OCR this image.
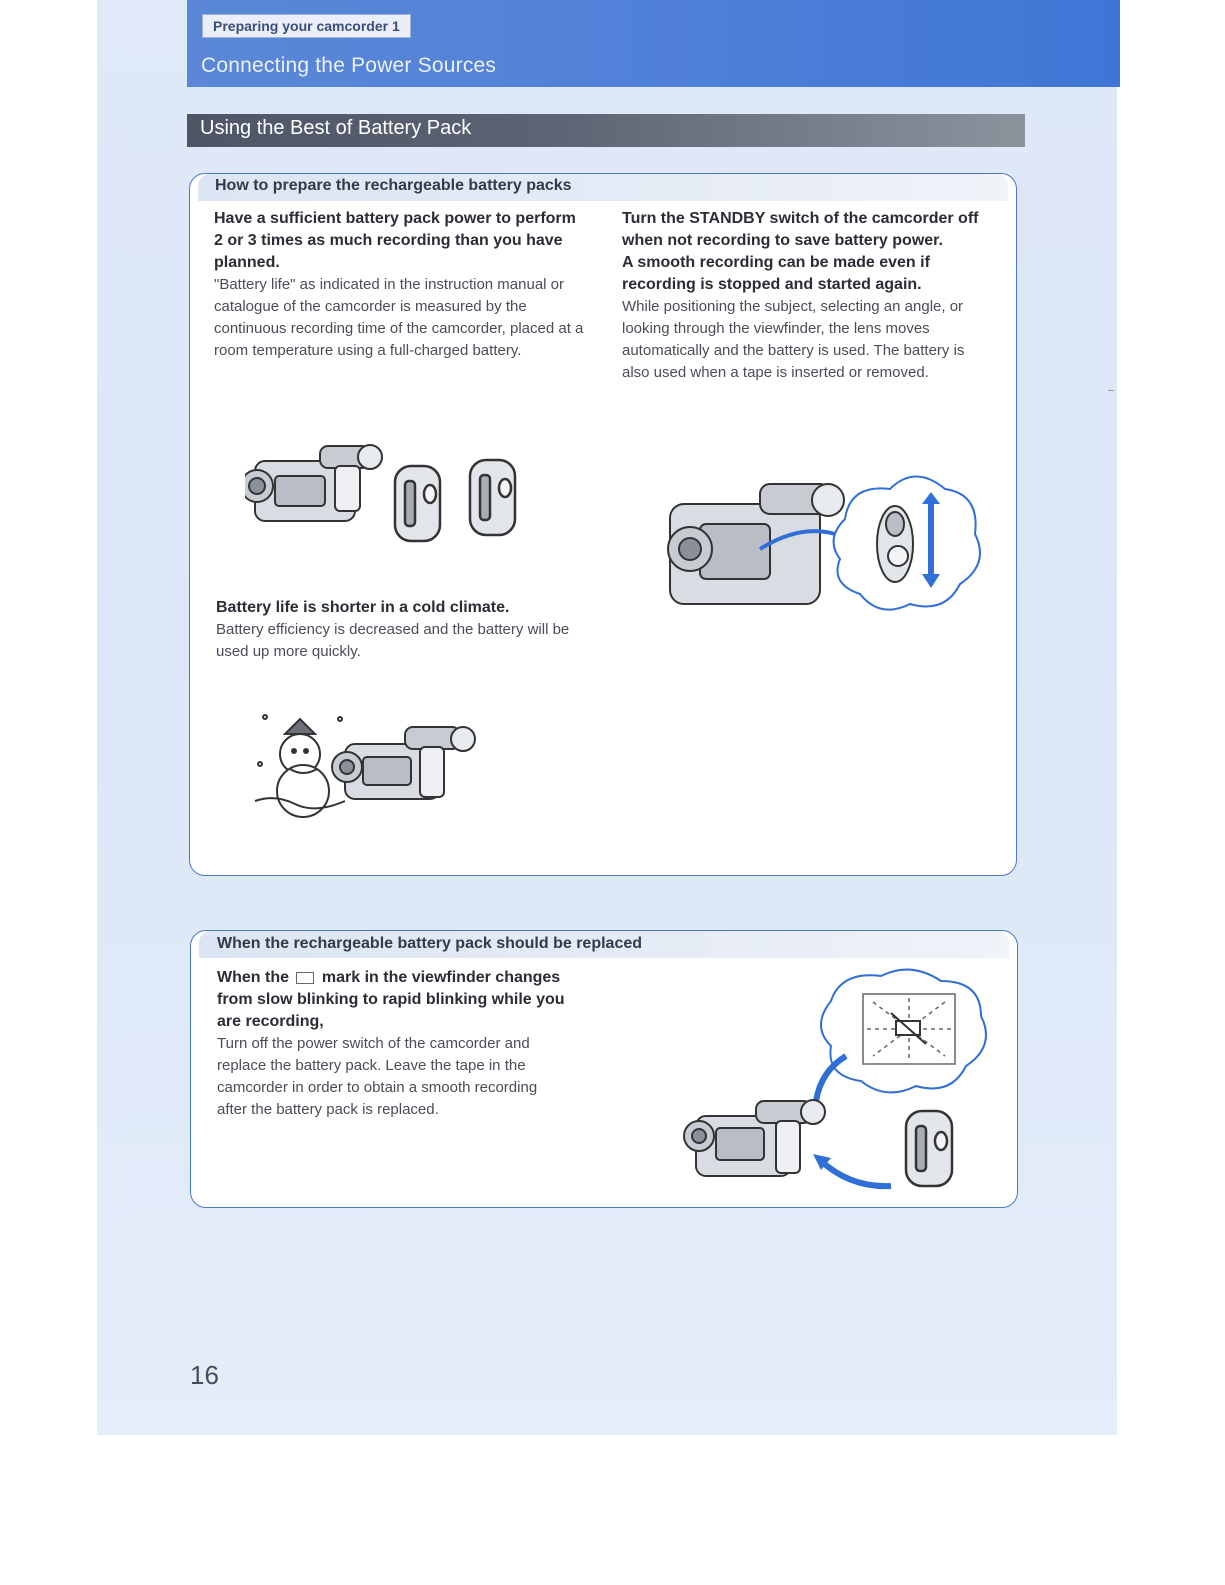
Preparing your camcorder 1
Connecting the Power Sources
Using the Best of Battery Pack
How to prepare the rechargeable battery packs

Have a sufficient battery pack power to perform 2 or 3 times as much recording than you have planned.

"Battery life" as indicated in the instruction manual or catalogue of the camcorder is measured by the continuous recording time of the camcorder, placed at a room temperature using a full-charged battery.

Battery life is shorter in a cold climate.

Battery efficiency is decreased and the battery will be used up more quickly.

Turn the STANDBY switch of the camcorder off when not recording to save battery power.

A smooth recording can be made even if recording is stopped and started again.

While positioning the subject, selecting an angle, or looking through the viewfinder, the lens moves automatically and the battery is used. The battery is also used when a tape is inserted or removed.

When the rechargeable battery pack should be replaced

When the mark in the viewfinder changes from slow blinking to rapid blinking while you are recording,

Turn off the power switch of the camcorder and replace the battery pack. Leave the tape in the camcorder in order to obtain a smooth recording after the battery pack is replaced.

16
